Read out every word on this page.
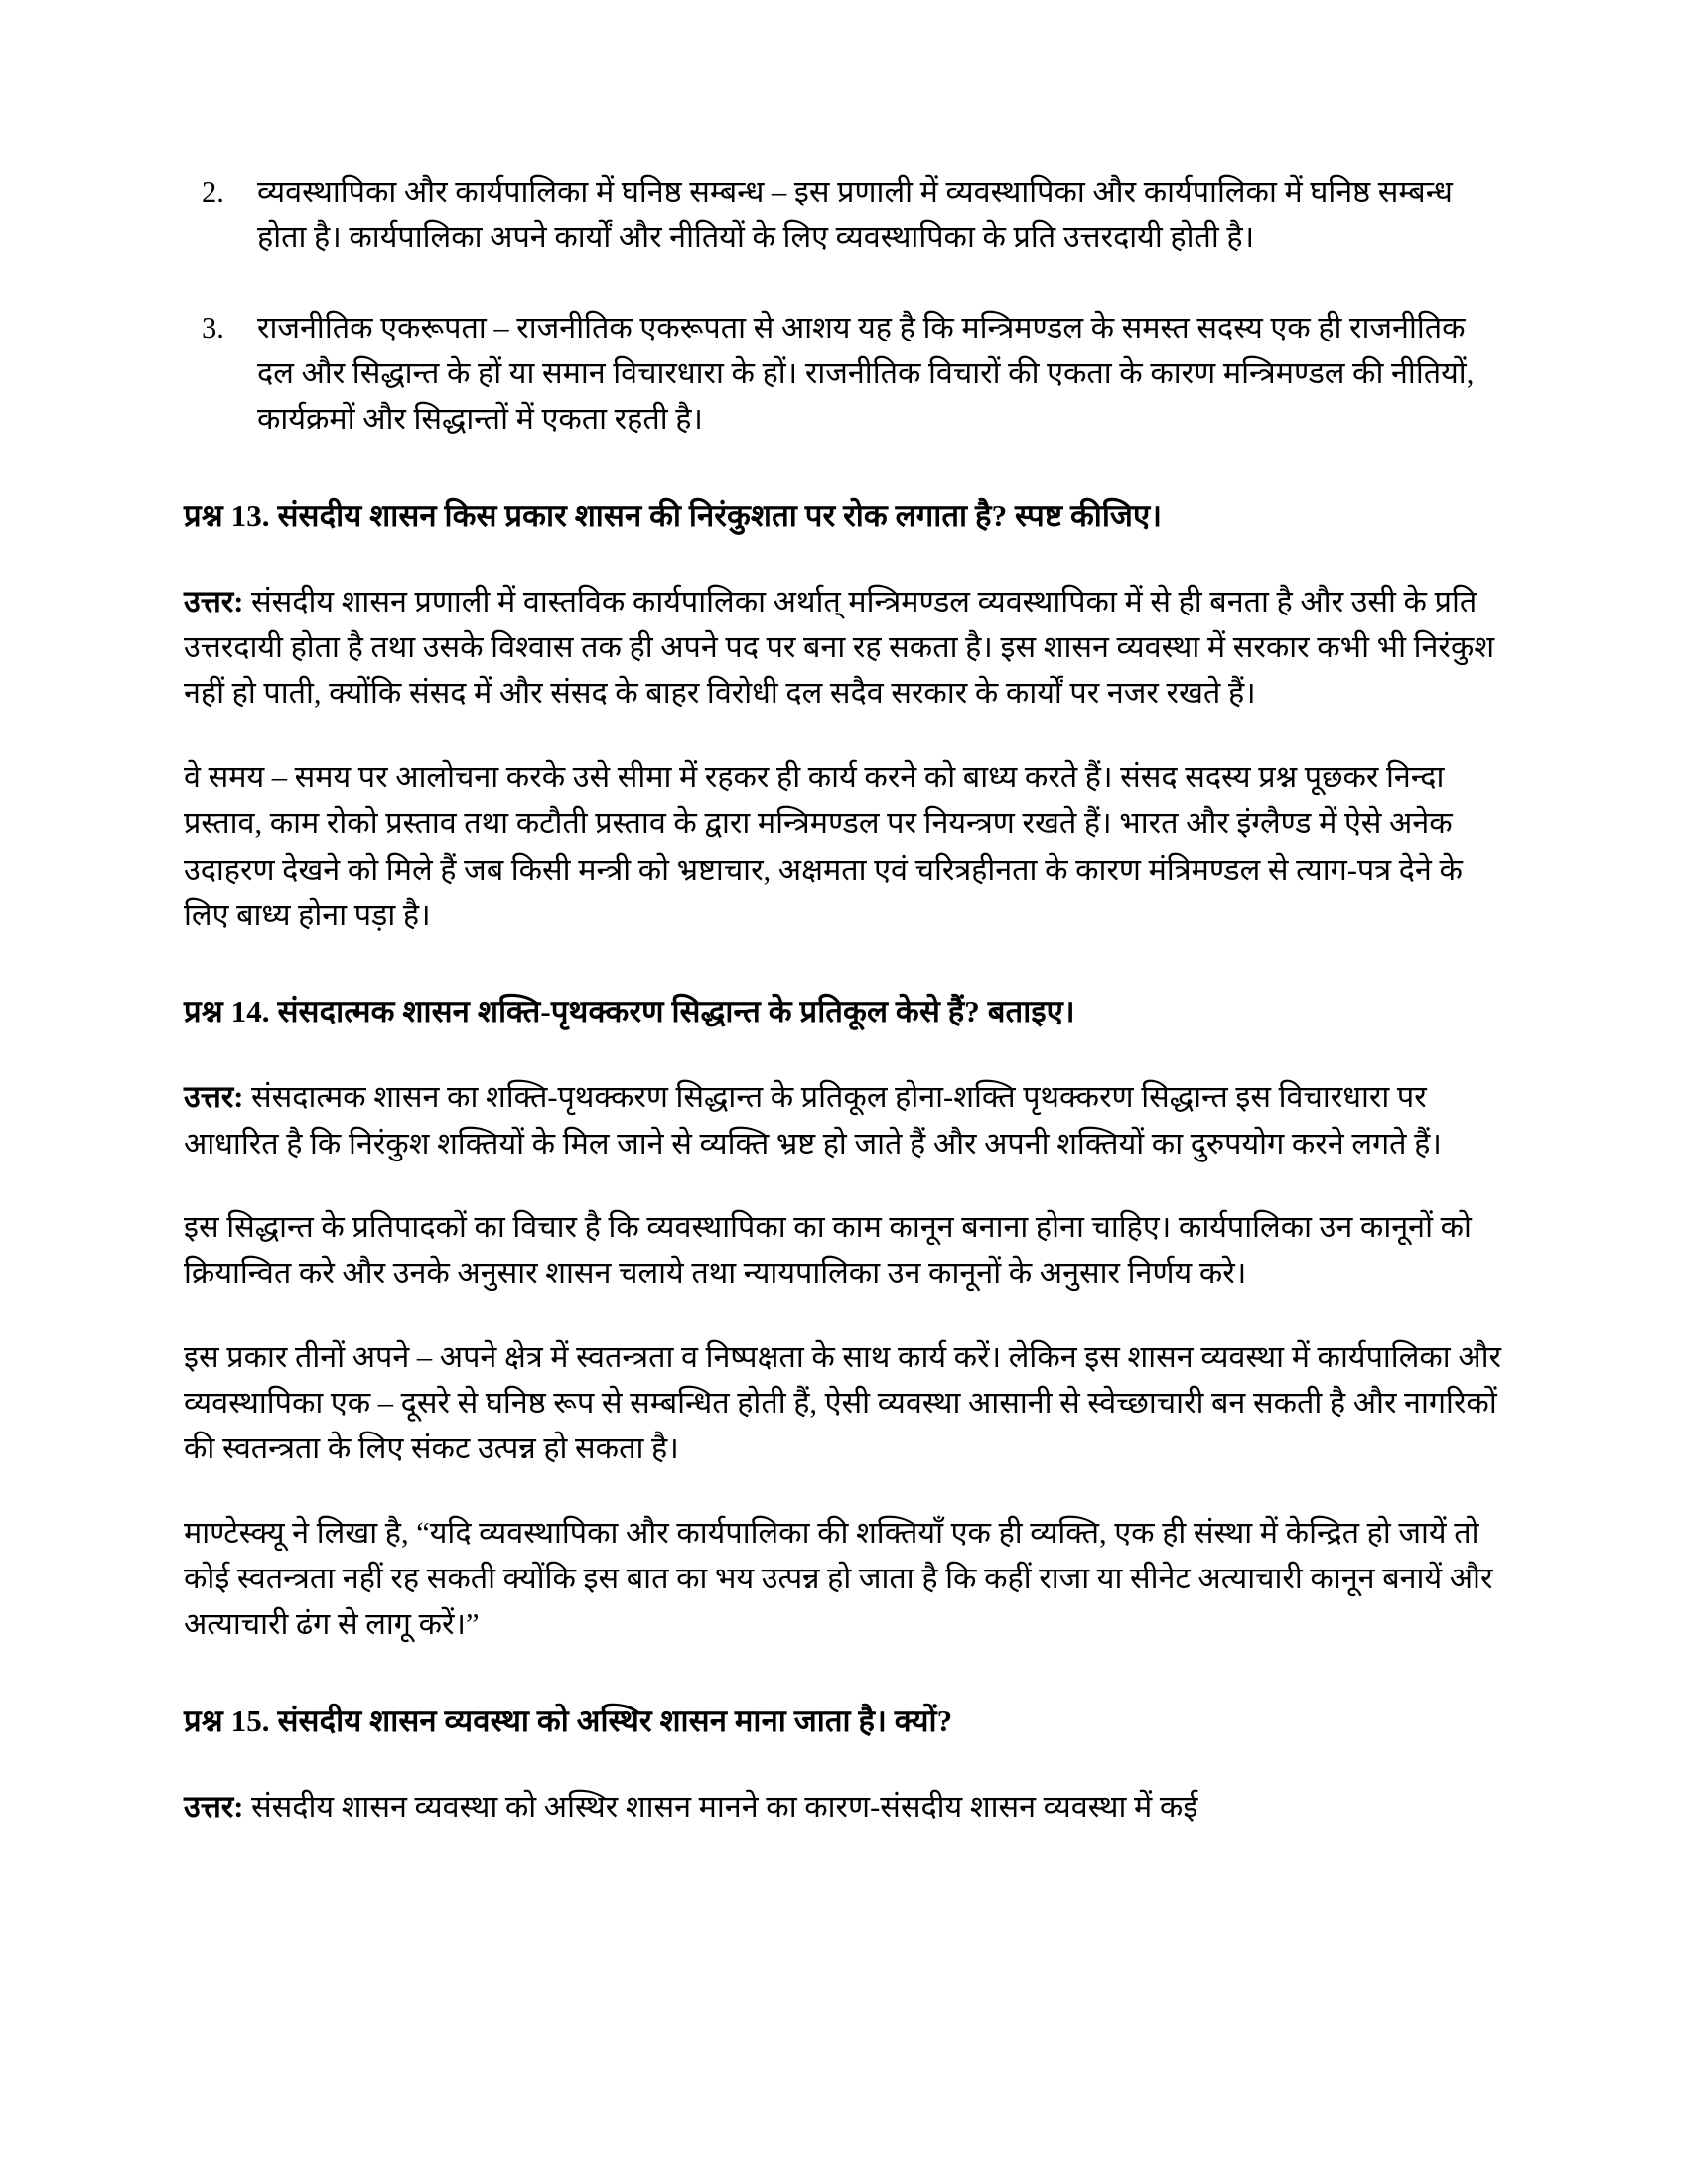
2. व्यवस्थापिका और कार्यपालिका में घनिष्ठ सम्बन्ध – इस प्रणाली में व्यवस्थापिका और कार्यपालिका में घनिष्ठ सम्बन्ध होता है। कार्यपालिका अपने कार्यों और नीतियों के लिए व्यवस्थापिका के प्रति उत्तरदायी होती है।
3. राजनीतिक एकरूपता – राजनीतिक एकरूपता से आशय यह है कि मन्त्रिमण्डल के समस्त सदस्य एक ही राजनीतिक दल और सिद्धान्त के हों या समान विचारधारा के हों। राजनीतिक विचारों की एकता के कारण मन्त्रिमण्डल की नीतियों, कार्यक्रमों और सिद्धान्तों में एकता रहती है।
प्रश्न 13. संसदीय शासन किस प्रकार शासन की निरंकुशता पर रोक लगाता है? स्पष्ट कीजिए।

उत्तर: संसदीय शासन प्रणाली में वास्तविक कार्यपालिका अर्थात् मन्त्रिमण्डल व्यवस्थापिका में से ही बनता है और उसी के प्रति उत्तरदायी होता है तथा उसके विश्वास तक ही अपने पद पर बना रह सकता है। इस शासन व्यवस्था में सरकार कभी भी निरंकुश नहीं हो पाती, क्योंकि संसद में और संसद के बाहर विरोधी दल सदैव सरकार के कार्यों पर नजर रखते हैं।

वे समय – समय पर आलोचना करके उसे सीमा में रहकर ही कार्य करने को बाध्य करते हैं। संसद सदस्य प्रश्न पूछकर निन्दा प्रस्ताव, काम रोको प्रस्ताव तथा कटौती प्रस्ताव के द्वारा मन्त्रिमण्डल पर नियन्त्रण रखते हैं। भारत और इंग्लैण्ड में ऐसे अनेक उदाहरण देखने को मिले हैं जब किसी मन्त्री को भ्रष्टाचार, अक्षमता एवं चरित्रहीनता के कारण मंत्रिमण्डल से त्याग-पत्र देने के लिए बाध्य होना पड़ा है।

प्रश्न 14. संसदात्मक शासन शक्ति-पृथक्करण सिद्धान्त के प्रतिकूल केसे हैं? बताइए।

उत्तर: संसदात्मक शासन का शक्ति-पृथक्करण सिद्धान्त के प्रतिकूल होना-शक्ति पृथक्करण सिद्धान्त इस विचारधारा पर आधारित है कि निरंकुश शक्तियों के मिल जाने से व्यक्ति भ्रष्ट हो जाते हैं और अपनी शक्तियों का दुरुपयोग करने लगते हैं।

इस सिद्धान्त के प्रतिपादकों का विचार है कि व्यवस्थापिका का काम कानून बनाना होना चाहिए। कार्यपालिका उन कानूनों को क्रियान्वित करे और उनके अनुसार शासन चलाये तथा न्यायपालिका उन कानूनों के अनुसार निर्णय करे।

इस प्रकार तीनों अपने – अपने क्षेत्र में स्वतन्त्रता व निष्पक्षता के साथ कार्य करें। लेकिन इस शासन व्यवस्था में कार्यपालिका और व्यवस्थापिका एक – दूसरे से घनिष्ठ रूप से सम्बन्धित होती हैं, ऐसी व्यवस्था आसानी से स्वेच्छाचारी बन सकती है और नागरिकों की स्वतन्त्रता के लिए संकट उत्पन्न हो सकता है।

माण्टेस्क्यू ने लिखा है, “यदि व्यवस्थापिका और कार्यपालिका की शक्तियाँ एक ही व्यक्ति, एक ही संस्था में केन्द्रित हो जायें तो कोई स्वतन्त्रता नहीं रह सकती क्योंकि इस बात का भय उत्पन्न हो जाता है कि कहीं राजा या सीनेट अत्याचारी कानून बनायें और अत्याचारी ढंग से लागू करें।”

प्रश्न 15. संसदीय शासन व्यवस्था को अस्थिर शासन माना जाता है। क्यों?

उत्तर: संसदीय शासन व्यवस्था को अस्थिर शासन मानने का कारण-संसदीय शासन व्यवस्था में कई
